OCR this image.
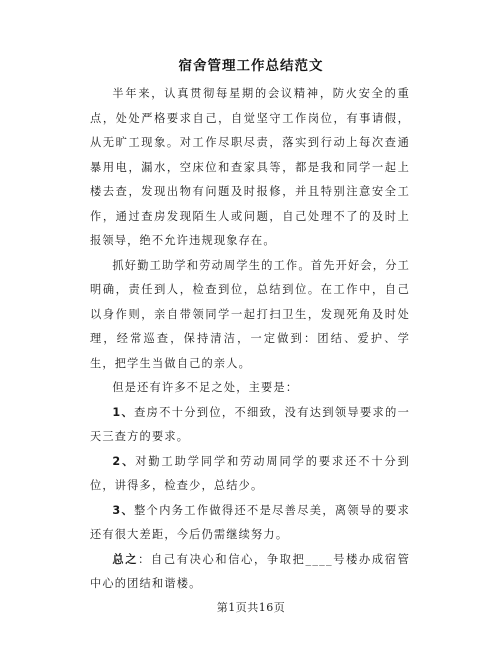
宿舍管理工作总结范文

半年来，认真贯彻每星期的会议精神，防火安全的重点，处处严格要求自己，自觉坚守工作岗位，有事请假，从无旷工现象。对工作尽职尽责，落实到行动上每次查通暴用电，漏水，空床位和查家具等，都是我和同学一起上楼去查，发现出物有问题及时报修，并且特别注意安全工作，通过查房发现陌生人或问题，自己处理不了的及时上报领导，绝不允许违规现象存在。

抓好勤工助学和劳动周学生的工作。首先开好会，分工明确，责任到人，检查到位，总结到位。在工作中，自己以身作则，亲自带领同学一起打扫卫生，发现死角及时处理，经常巡查，保持清洁，一定做到：团结、爱护、学生，把学生当做自己的亲人。

但是还有许多不足之处，主要是：

1、查房不十分到位，不细致，没有达到领导要求的一天三查方的要求。

2、对勤工助学同学和劳动周同学的要求还不十分到位，讲得多，检查少，总结少。

3、整个内务工作做得还不是尽善尽美，离领导的要求还有很大差距，今后仍需继续努力。

总之：自己有决心和信心，争取把____号楼办成宿管中心的团结和谐楼。

第1页共16页
